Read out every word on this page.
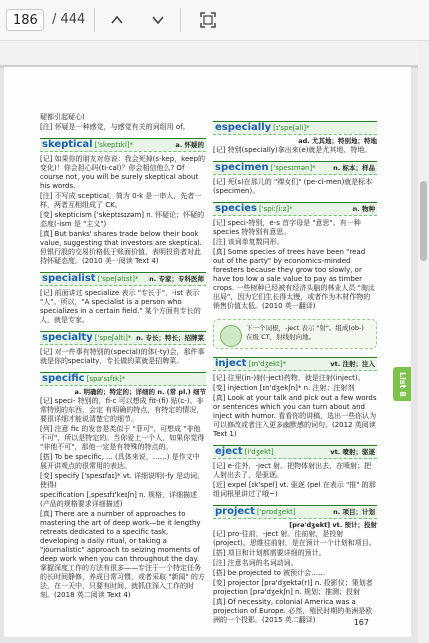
186
/ 444
疑都引起疑心)
[注] 怀疑是一种感觉，与感觉有关的词组用 of。
skeptical ['skeptɪkl]*	a. 怀疑的
[记] 如果你的朋友对你说：我会死掉(s-kep，keep的变化)！你会担心吗(ti-cal)？你会相信他么? Of course not, you will be surely skeptical about his words.
[注] 不写成 sceptical，简为 0-k 是一串人，先者一样，两者互相组成了 CK。
[变] skepticism ['skeptɪsɪzəm] n. 怀疑论；怀疑的态度(-ism 是 "主义")
[真] But banks' shares trade below their book value, suggesting that investors are skeptical. 但银行股的交易价格低于账面价值，表明投资者对此持怀疑态度。(2010 美一阅读 Text 4)
specialist ['speʃəlɪst]* n. 专家；专科医师
[记] 前面讲过 specialize 表示 "专长于"，-ist 表示 "人"。所以，"A specialist is a person who specializes in a certain field." 某个方面有专长的人，就是专家。
specialty ['speʃəlti]* n. 专长；特长；招牌菜
[记] 对一件事有特别的(special)的体(-ty)会，那件事就是你的specialty，专长做的菜就是招牌菜。
specific [spə'sɪfɪk]*
a. 明确的；特定的；详细的 n. (常 pl.) 细节
[记] speci- 特别的，fi-c 可以想成 fit-(fi) 贴(c-)。非常特别的东西，会定 有明确的特点，有特定的情况，要很详细才能说清楚它的细节。
[列] 注意 fic 的发音是类似于 "菲可"，可想成 "非他不可"，所以是特定的。当你爱上一个人，如果你觉得 "非他不可"，那他一定是有特殊的特点的。
[搭] To be specific, ... (具体来说，……) 是作文中展开讲观点的很常用的表达。
[变] specify ['spesɪfaɪ]* vt. 详细说明(-fy 是动词，使得)
specification [ˌspesɪfɪ'keɪʃn] n. 规格，详细描述(产品的规格要求详细描述)
[真] There are a number of approaches to mastering the art of deep work—be it lengthy retreats dedicated to a specific task, developing a daily ritual, or taking a "journalistic" approach to seizing moments of deep work when you can throughout the day. 掌握深度工作的方法有很多——专注于一个特定任务的长时间静修，养成日常习惯，或者采取 "新闻" 的方法，在一天中，只要有时间，就抓住深入工作的时刻。(2018 英二阅读 Text 4)
especially [ɪ'speʃəli]*
ad. 尤其地；特别地；特地
[记] 特别(specially)拿出来(e)就是尤其地、特地。
specimen ['spesɪmən]*	n. 标本；样品
[记] 死(s)在那儿的 "裸女们" (pe-ci-men)就是标本(specimen)。
species ['spiːʃiːz]*	n. 物种
[记] speci-特别，e-s 首字母是 "意思"。有一种 species 特特别有意思。
[注] 该词单复数同形。
[真] Some species of trees have been "read out of the party" by economics-minded foresters because they grow too slowly, or have too low a sale value to pay as timber crops. 一些树种已经被有经济头脑的林业人员 "淘汰出局"，因为它们生长得太慢，或者作为木材作物的销售价值太低。(2010 英一翻译)
下一个词根，-ject 表示 "射"。组成(ob-)在级 CT，射线射向地。
inject [ɪn'dʒekt]*	vt. 注射；注入
[记] 往里(in-)射(-ject)药物，就是注射(inject)。
[变] injection [ɪn'dʒekʃn]* n. 注射；注射剂
[真] Look at your talk and pick out a few words or sentences which you can turn about and inject with humor. 看看你的讲稿，选出一些你认为可以修改或者注入更多幽默感的词句。(2012 英阅读 Text 1)
eject [i'dʒekt]	vt. 喷射；驱逐
[记] e-往外，-ject 射。把物体射出去，在喷射；把人射出去了，是驱逐。
[近] expel [ɪk'spel] vt. 驱逐 (pel 在表示 "推" 的那组词根里讲过了哦~)
project ['prɒdʒekt]	n. 项目；计划
[prə'dʒekt] vt. 预计；投射
[记] pro-往前，-ject 射。往前射，是投射(project)。思维往前射，是在预计一个计划和项目。
[搭] 项目和计划都需要详细的预计。
[注] 注意名词的名词动词。
[搭] be projected to 被预计会……
[变] projector [prə'dʒektə(r)] n. 投影仪；策划者 projection [prə'dʒekʃn] n. 规划；推测；投射
[真] Of necessity, colonial America was a projection of Europe. 必然，殖民时期的美洲是欧洲的一个投影。(2015 英二翻译)
List 8
167
